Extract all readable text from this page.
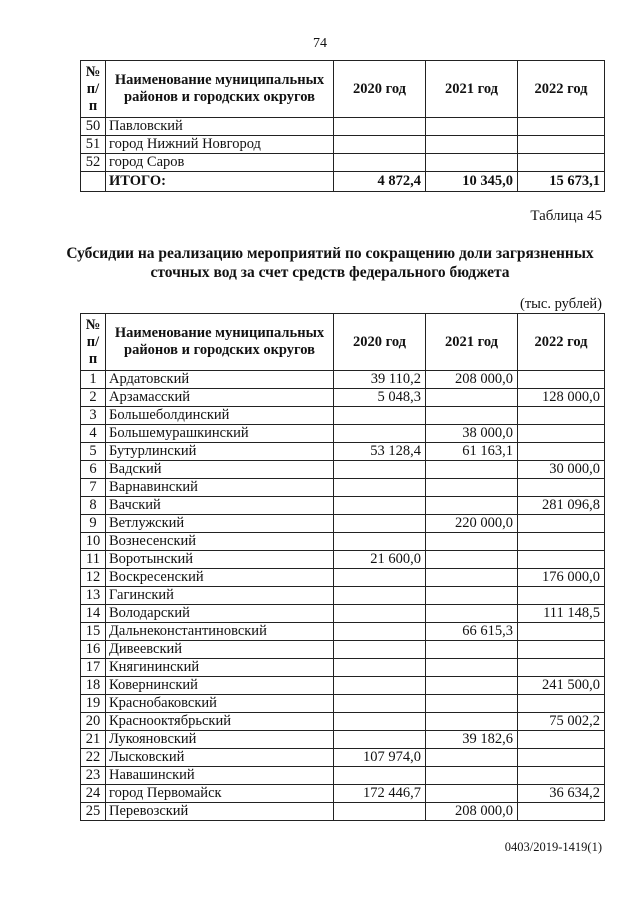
74
№ п/п	Наименование муниципальных районов и городских округов	2020 год	2021 год	2022 год
50	Павловский			
51	город Нижний Новгород			
52	город Саров			
	ИТОГО:	4 872,4	10 345,0	15 673,1
Таблица 45
Субсидии на реализацию мероприятий по сокращению доли загрязненных сточных вод за счет средств федерального бюджета
(тыс. рублей)
№ п/п	Наименование муниципальных районов и городских округов	2020 год	2021 год	2022 год
1	Ардатовский	39 110,2	208 000,0	
2	Арзамасский	5 048,3		128 000,0
3	Большеболдинский			
4	Большемурашкинский		38 000,0	
5	Бутурлинский	53 128,4	61 163,1	
6	Вадский			30 000,0
7	Варнавинский			
8	Вачский			281 096,8
9	Ветлужский		220 000,0	
10	Вознесенский			
11	Воротынский	21 600,0		
12	Воскресенский			176 000,0
13	Гагинский			
14	Володарский			111 148,5
15	Дальнеконстантиновский		66 615,3	
16	Дивеевский			
17	Княгининский			
18	Ковернинский			241 500,0
19	Краснобаковский			
20	Краснооктябрьский			75 002,2
21	Лукояновский		39 182,6	
22	Лысковский	107 974,0		
23	Навашинский			
24	город Первомайск	172 446,7		36 634,2
25	Перевозский		208 000,0	
0403/2019-1419(1)
